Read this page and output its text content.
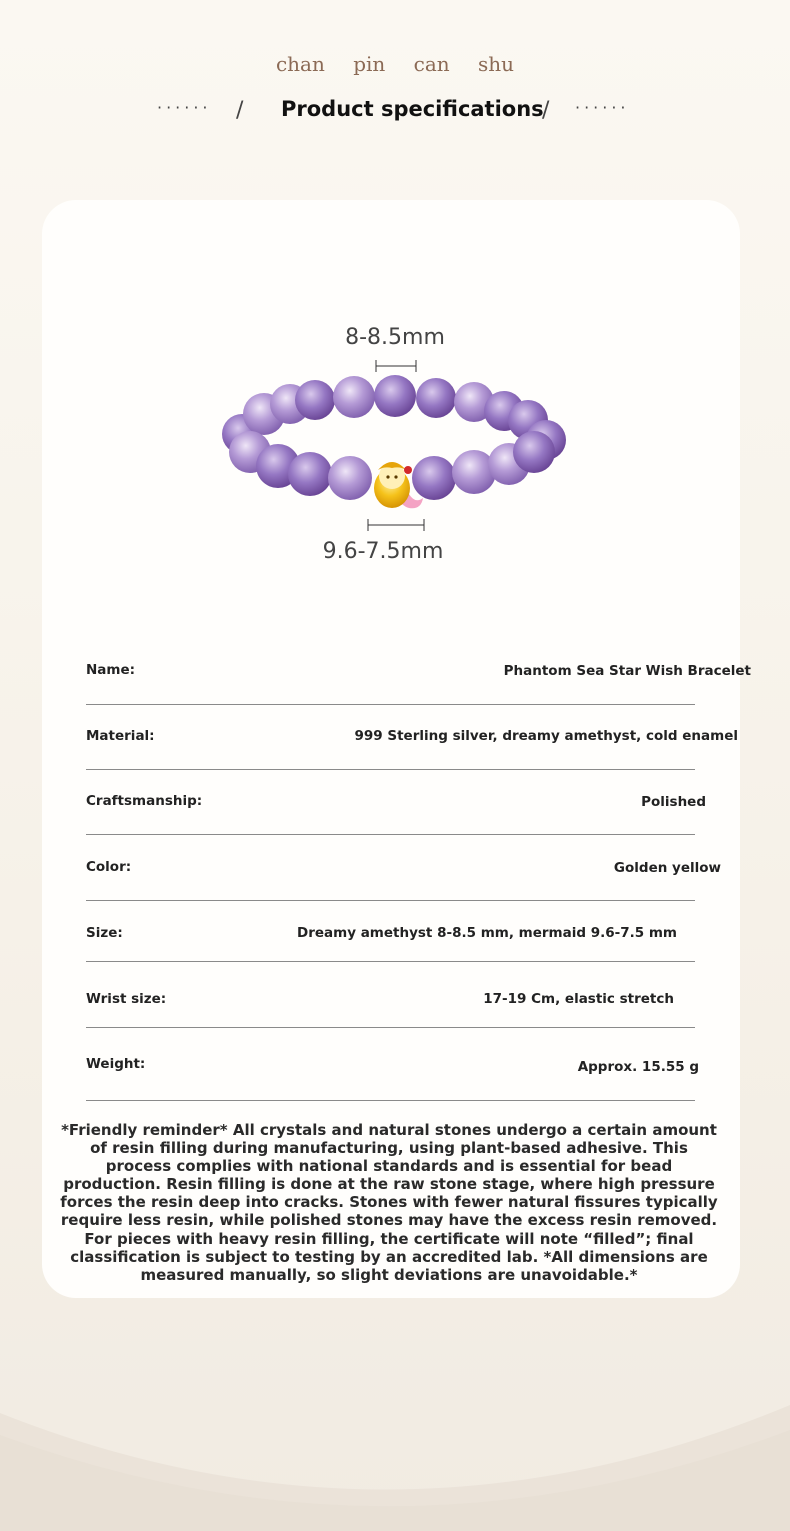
chan pin can shu
······ / Product specifications
/ ······
8-8.5mm
9.6-7.5mm
Name:	Phantom Sea Star Wish Bracelet
Material:	999 Sterling silver, dreamy amethyst, cold enamel
Craftsmanship:	Polished
Color:	Golden yellow
Size:	Dreamy amethyst 8-8.5 mm, mermaid 9.6-7.5 mm
Wrist size:	17-19 Cm, elastic stretch
Weight:	Approx. 15.55 g
*Friendly reminder* All crystals and natural stones undergo a certain amount of resin filling during manufacturing, using plant-based adhesive. This process complies with national standards and is essential for bead production. Resin filling is done at the raw stone stage, where high pressure forces the resin deep into cracks. Stones with fewer natural fissures typically require less resin, while polished stones may have the excess resin removed. For pieces with heavy resin filling, the certificate will note “filled”; final classification is subject to testing by an accredited lab. *All dimensions are measured manually, so slight deviations are unavoidable.*
